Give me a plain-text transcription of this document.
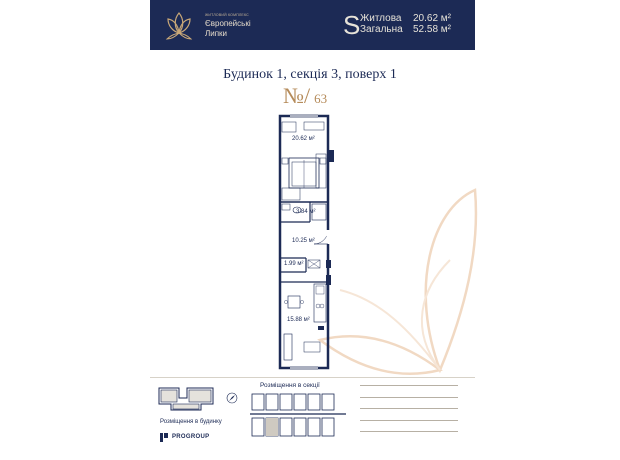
ЖИТЛОВИЙ КОМПЛЕКС
Європейські
Липки	S Житлова
Загальна
20.62 м²
52.58 м²
Будинок 1, секція 3, поверх 1
№/ 63
20.62 м²
3.84 м²
10.25 м²
1.99 м²
15.88 м²
Розміщення в секції
Розміщення в будинку
PROGROUP
